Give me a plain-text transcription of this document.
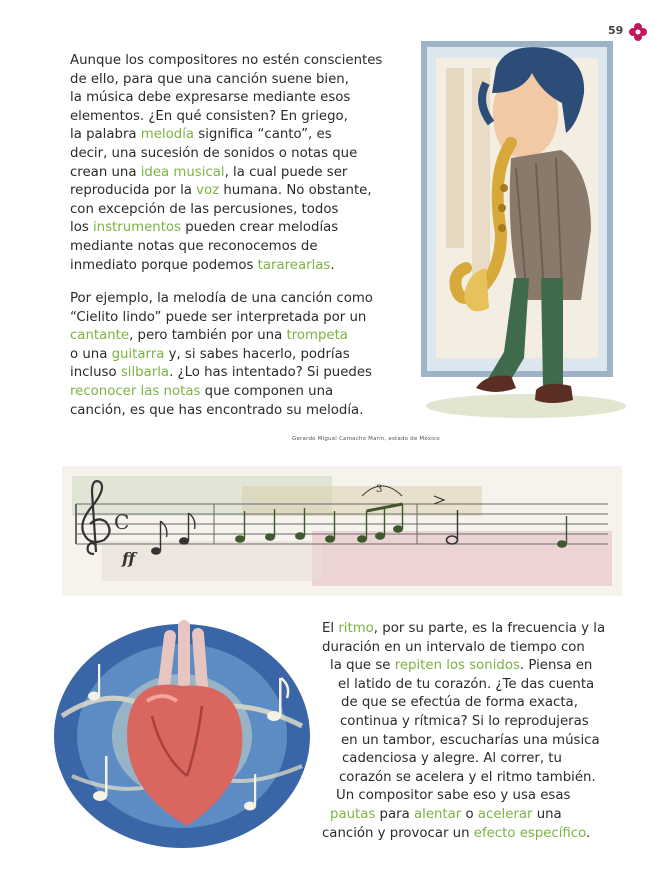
59
Aunque los compositores no estén conscientes
de ello, para que una canción suene bien,
la música debe expresarse mediante esos
elementos. ¿En qué consisten? En griego,
la palabra melodía significa “canto”, es
decir, una sucesión de sonidos o notas que
crean una idea musical, la cual puede ser
reproducida por la voz humana. No obstante,
con excepción de las percusiones, todos
los instrumentos pueden crear melodías
mediante notas que reconocemos de
inmediato porque podemos tararearlas.
Por ejemplo, la melodía de una canción como
“Cielito lindo” puede ser interpretada por un
cantante, pero también por una trompeta
o una guitarra y, si sabes hacerlo, podrías
incluso silbarla. ¿Lo has intentado? Si puedes
reconocer las notas que componen una
canción, es que has encontrado su melodía.
El ritmo, por su parte, es la frecuencia y la
duración en un intervalo de tiempo con
la que se repiten los sonidos. Piensa en
el latido de tu corazón. ¿Te das cuenta
de que se efectúa de forma exacta,
continua y rítmica? Si lo reprodujeras
en un tambor, escucharías una música
cadenciosa y alegre. Al correr, tu
corazón se acelera y el ritmo también.
Un compositor sabe eso y usa esas
pautas para alentar o acelerar una
canción y provocar un efecto específico.
Gerardo Miguel Camacho Marín, estado de México
C
ff
3
